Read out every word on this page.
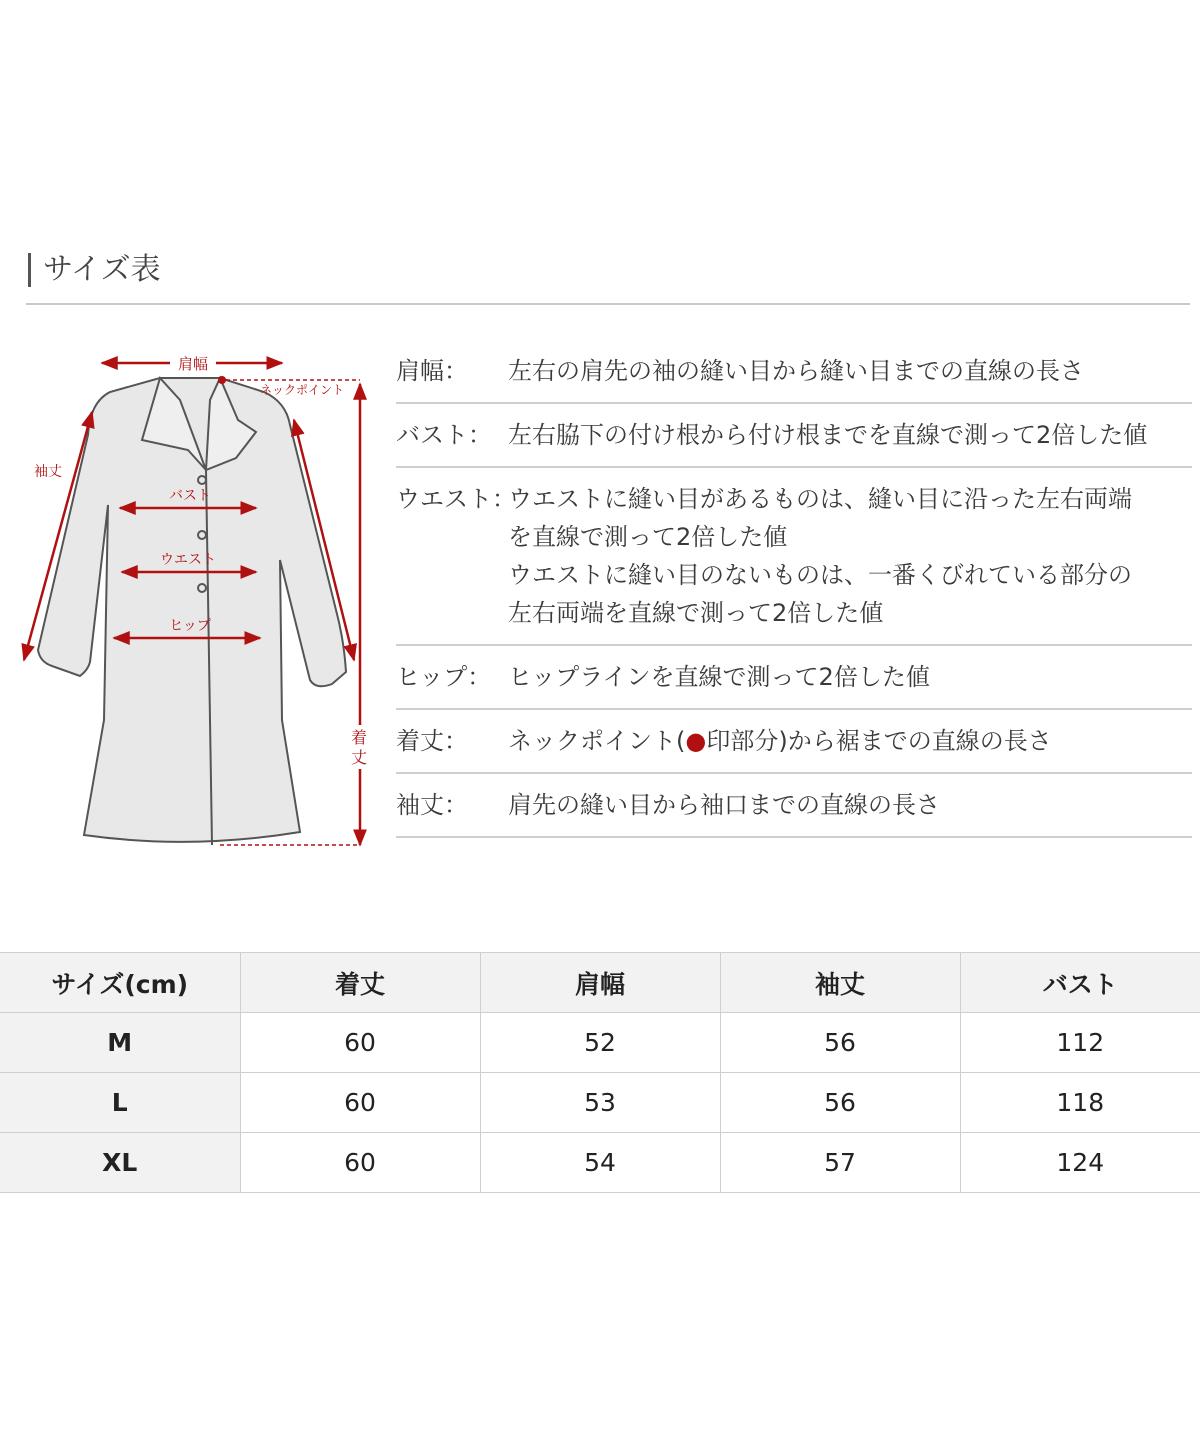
サイズ表
肩幅
ネックポイント
袖丈
着
丈
バスト
ウエスト
ヒップ
肩幅：	左右の肩先の袖の縫い目から縫い目までの直線の長さ
バスト： 左右脇下の付け根から付け根までを直線で測って2倍した値
ウエスト：
ウエストに縫い目があるものは、縫い目に沿った左右両端
を直線で測って2倍した値
ウエストに縫い目のないものは、一番くびれている部分の
左右両端を直線で測って2倍した値
ヒップ： ヒップラインを直線で測って2倍した値
着丈：	ネックポイント(●印部分)から裾までの直線の長さ
袖丈：	肩先の縫い目から袖口までの直線の長さ
サイズ(cm)	着丈	肩幅	袖丈	バスト
M	60	52	56	112
L	60	53	56	118
XL	60	54	57	124
